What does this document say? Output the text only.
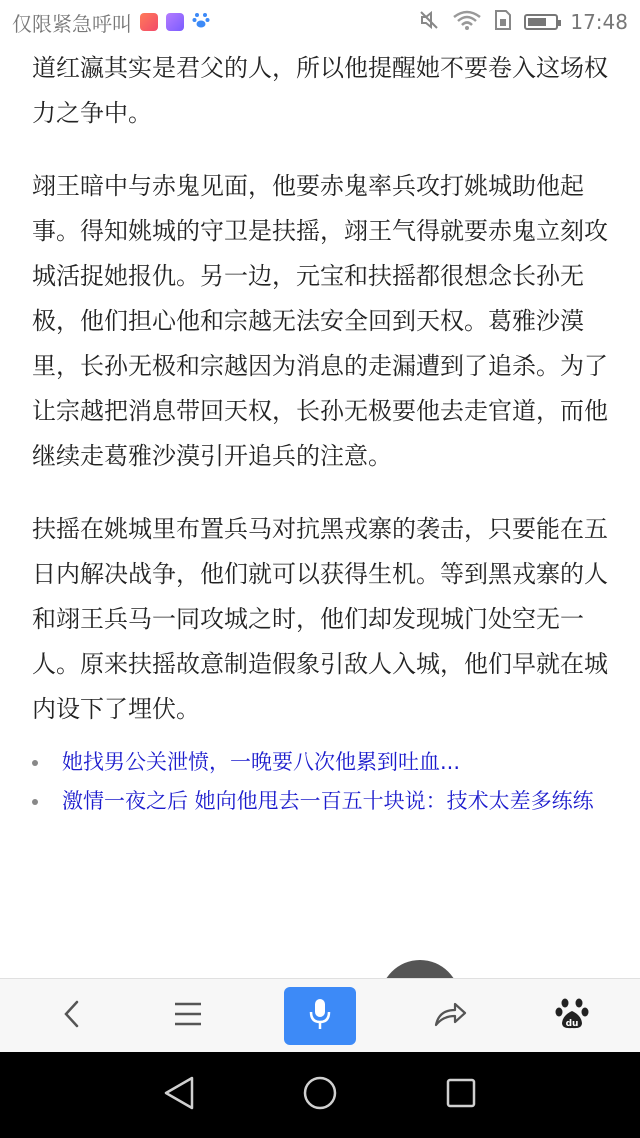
仅限紧急呼叫	17:48

道红瀛其实是君父的人，所以他提醒她不要卷入这场权力之争中。

翊王暗中与赤鬼见面，他要赤鬼率兵攻打姚城助他起事。得知姚城的守卫是扶摇，翊王气得就要赤鬼立刻攻城活捉她报仇。另一边，元宝和扶摇都很想念长孙无极，他们担心他和宗越无法安全回到天权。葛雅沙漠里，长孙无极和宗越因为消息的走漏遭到了追杀。为了让宗越把消息带回天权，长孙无极要他去走官道，而他继续走葛雅沙漠引开追兵的注意。

扶摇在姚城里布置兵马对抗黑戎寨的袭击，只要能在五日内解决战争，他们就可以获得生机。等到黑戎寨的人和翊王兵马一同攻城之时，他们却发现城门处空无一人。原来扶摇故意制造假象引敌人入城，他们早就在城内设下了埋伏。

她找男公关泄愤，一晚要八次他累到吐血...
激情一夜之后 她向他甩去一百五十块说：技术太差多练练
du
